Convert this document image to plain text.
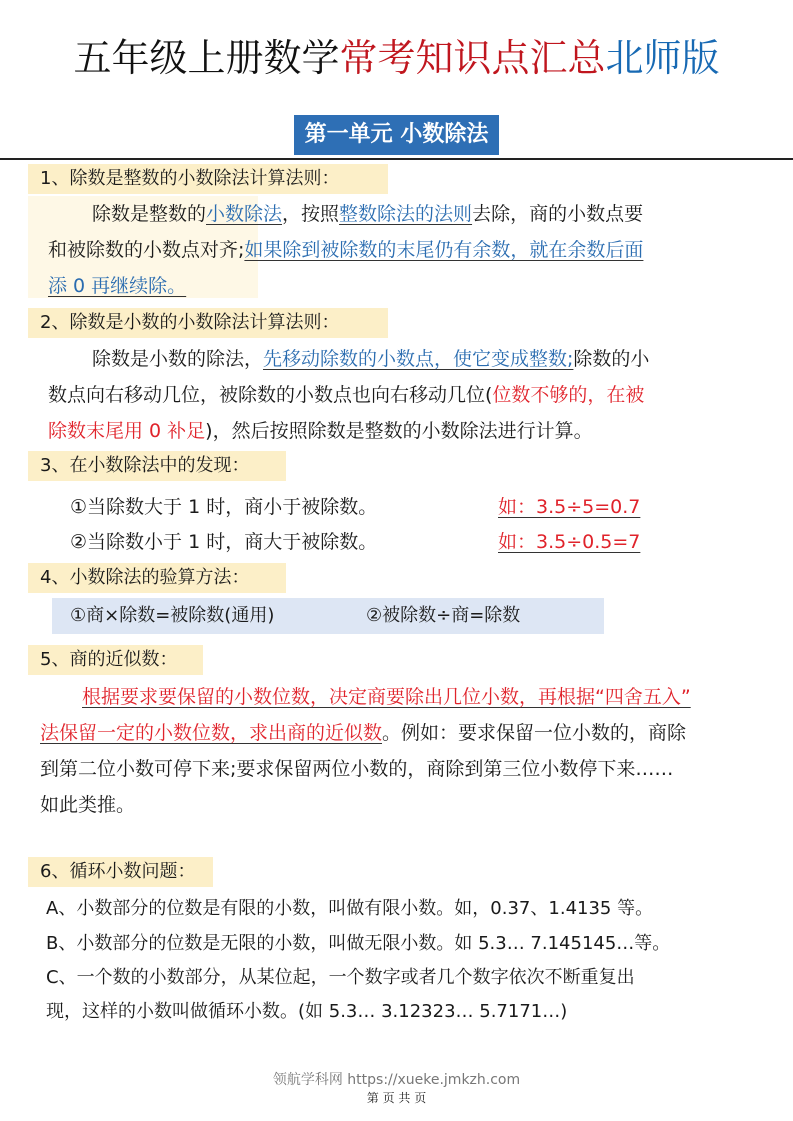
五年级上册数学常考知识点汇总北师版
第一单元 小数除法
1、除数是整数的小数除法计算法则：
除数是整数的小数除法，按照整数除法的法则去除，商的小数点要
和被除数的小数点对齐;如果除到被除数的末尾仍有余数，就在余数后面
添 0 再继续除。
2、除数是小数的小数除法计算法则：
除数是小数的除法，先移动除数的小数点，使它变成整数;除数的小
数点向右移动几位，被除数的小数点也向右移动几位(位数不够的，在被
除数末尾用 0 补足)，然后按照除数是整数的小数除法进行计算。
3、在小数除法中的发现：
①当除数大于 1 时，商小于被除数。	如：3.5÷5=0.7
②当除数小于 1 时，商大于被除数。	如：3.5÷0.5=7
4、小数除法的验算方法：
①商×除数=被除数(通用)	②被除数÷商=除数
5、商的近似数：
根据要求要保留的小数位数，决定商要除出几位小数，再根据“四舍五入”
法保留一定的小数位数，求出商的近似数。例如：要求保留一位小数的，商除
到第二位小数可停下来;要求保留两位小数的，商除到第三位小数停下来……
如此类推。
6、循环小数问题：
A、小数部分的位数是有限的小数，叫做有限小数。如，0.37、1.4135 等。
B、小数部分的位数是无限的小数，叫做无限小数。如 5.3… 7.145145…等。
C、一个数的小数部分，从某位起，一个数字或者几个数字依次不断重复出
现，这样的小数叫做循环小数。(如 5.3… 3.12323… 5.7171…)
领航学科网 https://xueke.jmkzh.com
第 页 共 页
